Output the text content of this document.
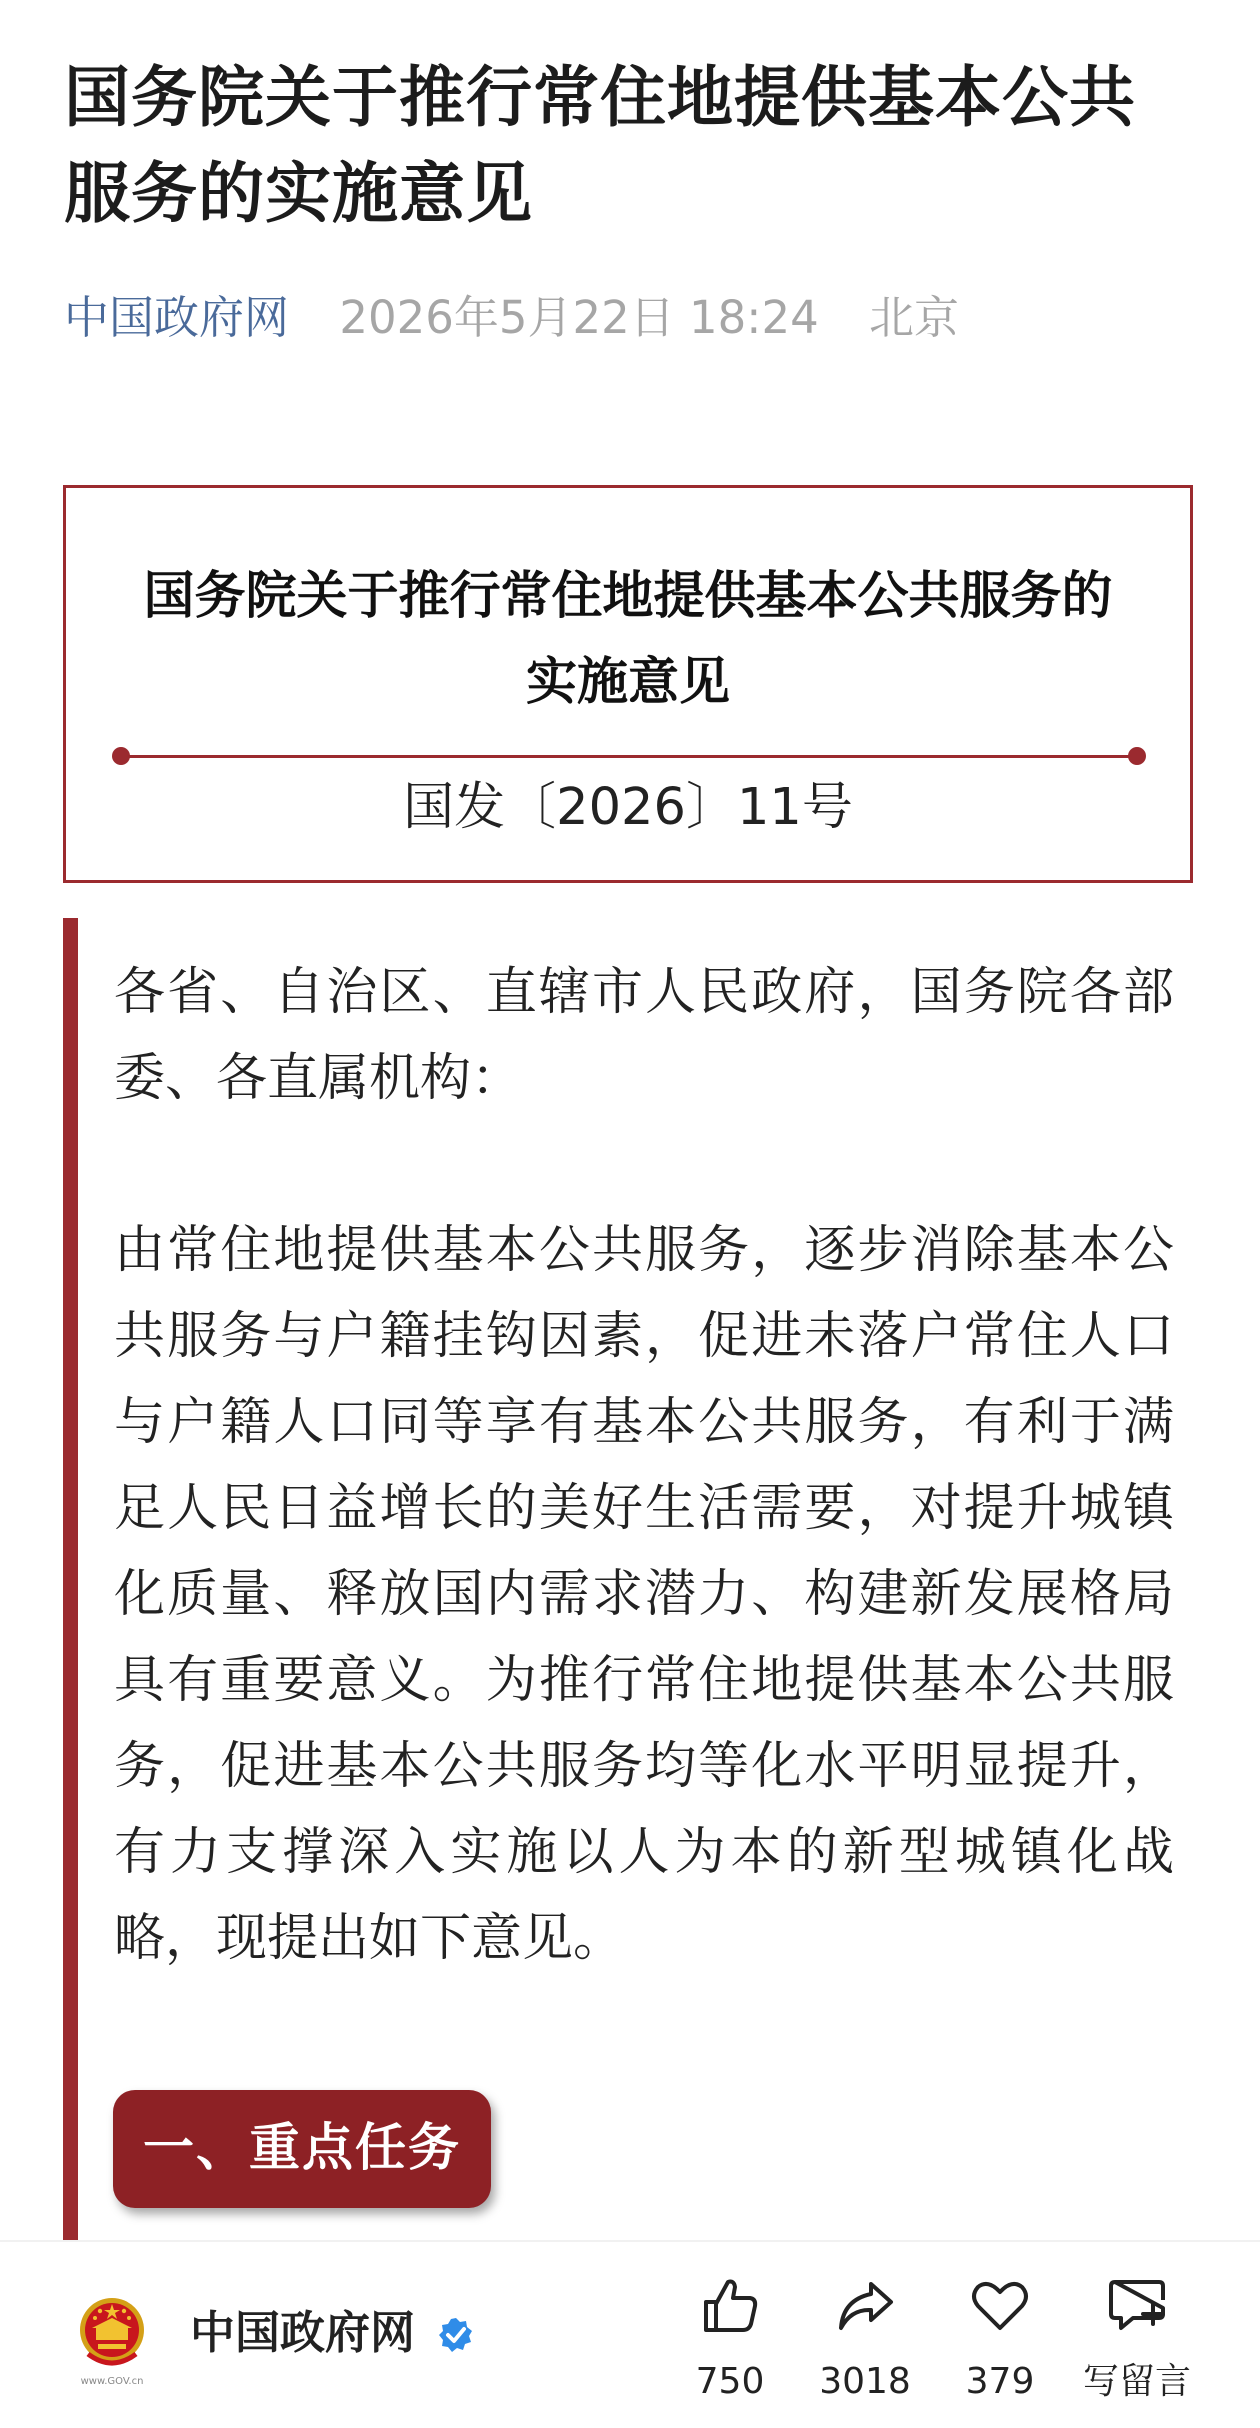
国务院关于推行常住地提供基本公共服务的实施意见
中国政府网 2026年5月22日 18:24 北京
国务院关于推行常住地提供基本公共服务的实施意见
国发〔2026〕11号

各省、自治区、直辖市人民政府，国务院各部委、各直属机构：

由常住地提供基本公共服务，逐步消除基本公共服务与户籍挂钩因素，促进未落户常住人口与户籍人口同等享有基本公共服务，有利于满足人民日益增长的美好生活需要，对提升城镇化质量、释放国内需求潜力、构建新发展格局具有重要意义。为推行常住地提供基本公共服务，促进基本公共服务均等化水平明显提升，有力支撑深入实施以人为本的新型城镇化战略，现提出如下意见。

一、重点任务
www.GOV.cn
中国政府网
750 3018 379	写留言
